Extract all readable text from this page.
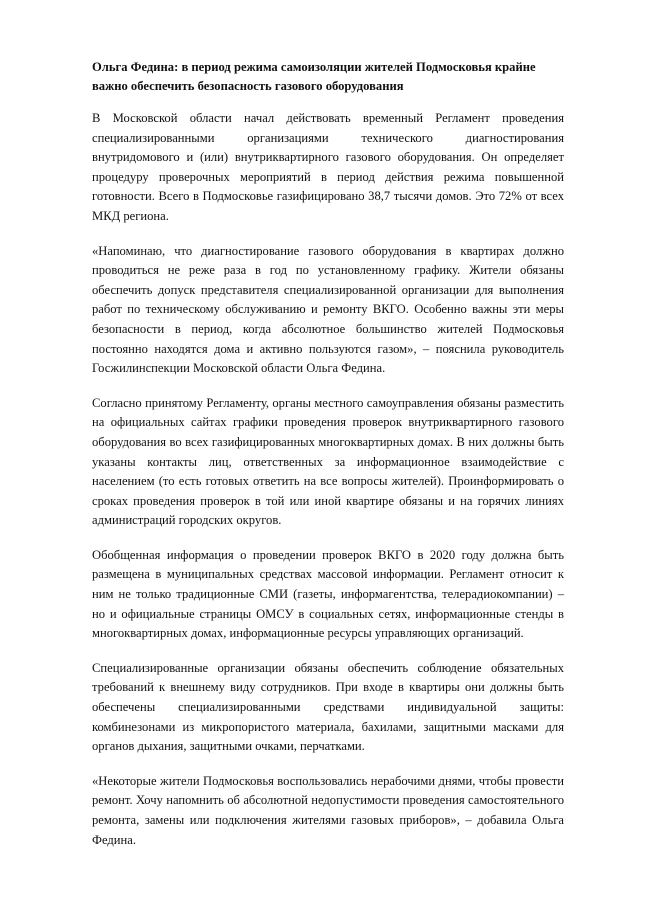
Ольга Федина: в период режима самоизоляции жителей Подмосковья крайне важно обеспечить безопасность газового оборудования

В Московской области начал действовать временный Регламент проведения специализированными организациями технического диагностирования внутридомового и (или) внутриквартирного газового оборудования. Он определяет процедуру проверочных мероприятий в период действия режима повышенной готовности. Всего в Подмосковье газифицировано 38,7 тысячи домов. Это 72% от всех МКД региона.

«Напоминаю, что диагностирование газового оборудования в квартирах должно проводиться не реже раза в год по установленному графику. Жители обязаны обеспечить допуск представителя специализированной организации для выполнения работ по техническому обслуживанию и ремонту ВКГО. Особенно важны эти меры безопасности в период, когда абсолютное большинство жителей Подмосковья постоянно находятся дома и активно пользуются газом», – пояснила руководитель Госжилинспекции Московской области Ольга Федина.

Согласно принятому Регламенту, органы местного самоуправления обязаны разместить на официальных сайтах графики проведения проверок внутриквартирного газового оборудования во всех газифицированных многоквартирных домах. В них должны быть указаны контакты лиц, ответственных за информационное взаимодействие с населением (то есть готовых ответить на все вопросы жителей). Проинформировать о сроках проведения проверок в той или иной квартире обязаны и на горячих линиях администраций городских округов.

Обобщенная информация о проведении проверок ВКГО в 2020 году должна быть размещена в муниципальных средствах массовой информации. Регламент относит к ним не только традиционные СМИ (газеты, информагентства, телерадиокомпании) – но и официальные страницы ОМСУ в социальных сетях, информационные стенды в многоквартирных домах, информационные ресурсы управляющих организаций.

Специализированные организации обязаны обеспечить соблюдение обязательных требований к внешнему виду сотрудников. При входе в квартиры они должны быть обеспечены специализированными средствами индивидуальной защиты: комбинезонами из микропористого материала, бахилами, защитными масками для органов дыхания, защитными очками, перчатками.

«Некоторые жители Подмосковья воспользовались нерабочими днями, чтобы провести ремонт. Хочу напомнить об абсолютной недопустимости проведения самостоятельного ремонта, замены или подключения жителями газовых приборов», – добавила Ольга Федина.
